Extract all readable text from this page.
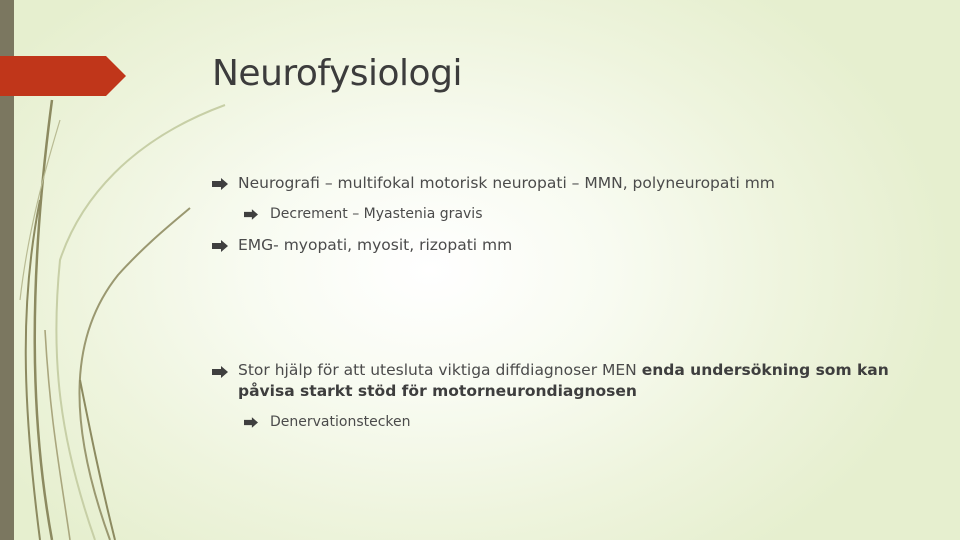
Neurofysiologi
Neurografi – multifokal motorisk neuropati – MMN, polyneuropati mm
Decrement – Myastenia gravis
EMG- myopati, myosit, rizopati mm
Stor hjälp för att utesluta viktiga diffdiagnoser MEN enda undersökning som kan påvisa starkt stöd för motorneurondiagnosen
Denervationstecken
